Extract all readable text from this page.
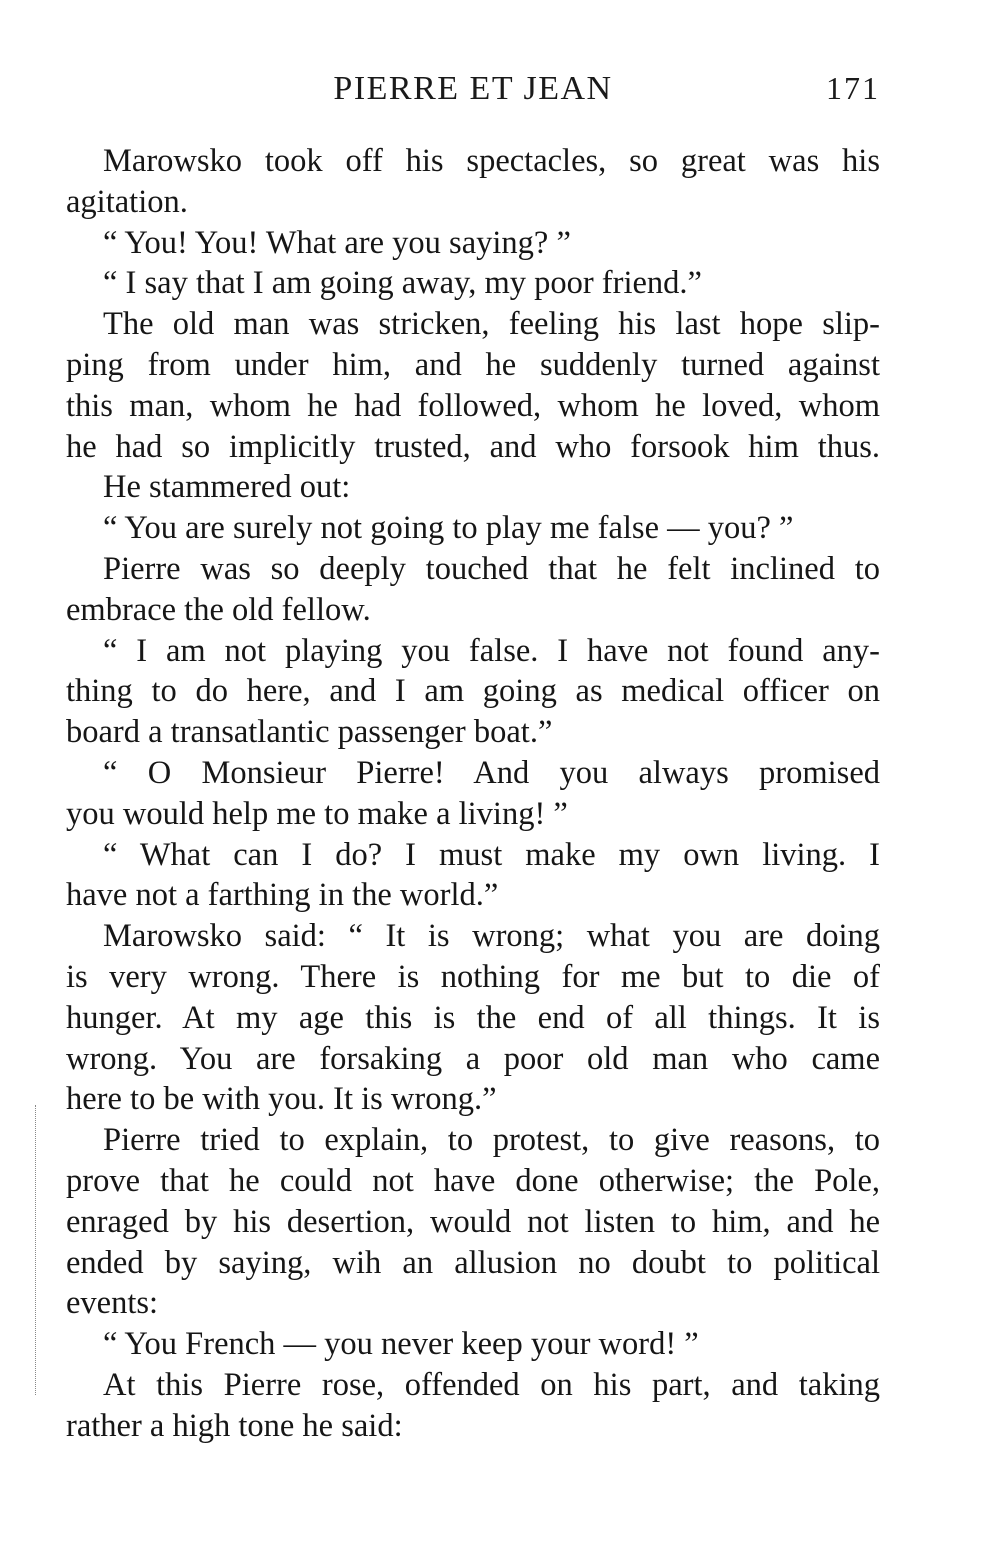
PIERRE ET JEAN	171
Marowsko took off his spectacles, so great was his
agitation.
“ You! You! What are you saying? ”
“ I say that I am going away, my poor friend.”
The old man was stricken, feeling his last hope slip-
ping from under him, and he suddenly turned against
this man, whom he had followed, whom he loved, whom
he had so implicitly trusted, and who forsook him thus.
He stammered out:
“ You are surely not going to play me false — you? ”
Pierre was so deeply touched that he felt inclined to
embrace the old fellow.
“ I am not playing you false. I have not found any-
thing to do here, and I am going as medical officer on
board a transatlantic passenger boat.”
“ O Monsieur Pierre! And you always promised
you would help me to make a living! ”
“ What can I do? I must make my own living. I
have not a farthing in the world.”
Marowsko said: “ It is wrong; what you are doing
is very wrong. There is nothing for me but to die of
hunger. At my age this is the end of all things. It is
wrong. You are forsaking a poor old man who came
here to be with you. It is wrong.”
Pierre tried to explain, to protest, to give reasons, to
prove that he could not have done otherwise; the Pole,
enraged by his desertion, would not listen to him, and he
ended by saying, wih an allusion no doubt to political
events:
“ You French — you never keep your word! ”
At this Pierre rose, offended on his part, and taking
rather a high tone he said:
